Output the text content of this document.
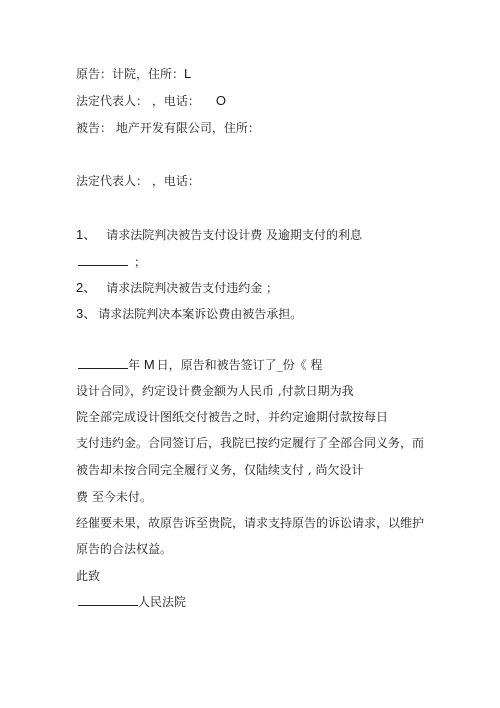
原告：计院，住所：L
法定代表人： ，电话： O
被告： 地产开发有限公司，住所：
法定代表人： ，电话：
1、 请求法院判决被告支付设计费 及逾期支付的利息
；
2、 请求法院判决被告支付违约金 ；
3、 请求法院判决本案诉讼费由被告承担。
年 M 日，原告和被告签订了_份《 程
设计合同》，约定设计费金额为人民币 ,付款日期为我
院全部完成设计图纸交付被告之时，并约定逾期付款按每日
支付违约金。合同签订后，我院已按约定履行了全部合同义务，而
被告却未按合同完全履行义务，仅陆续支付 , 尚欠设计
费 至今未付。
经催要未果，故原告诉至贵院，请求支持原告的诉讼请求，以维护
原告的合法权益。
此致
人民法院
